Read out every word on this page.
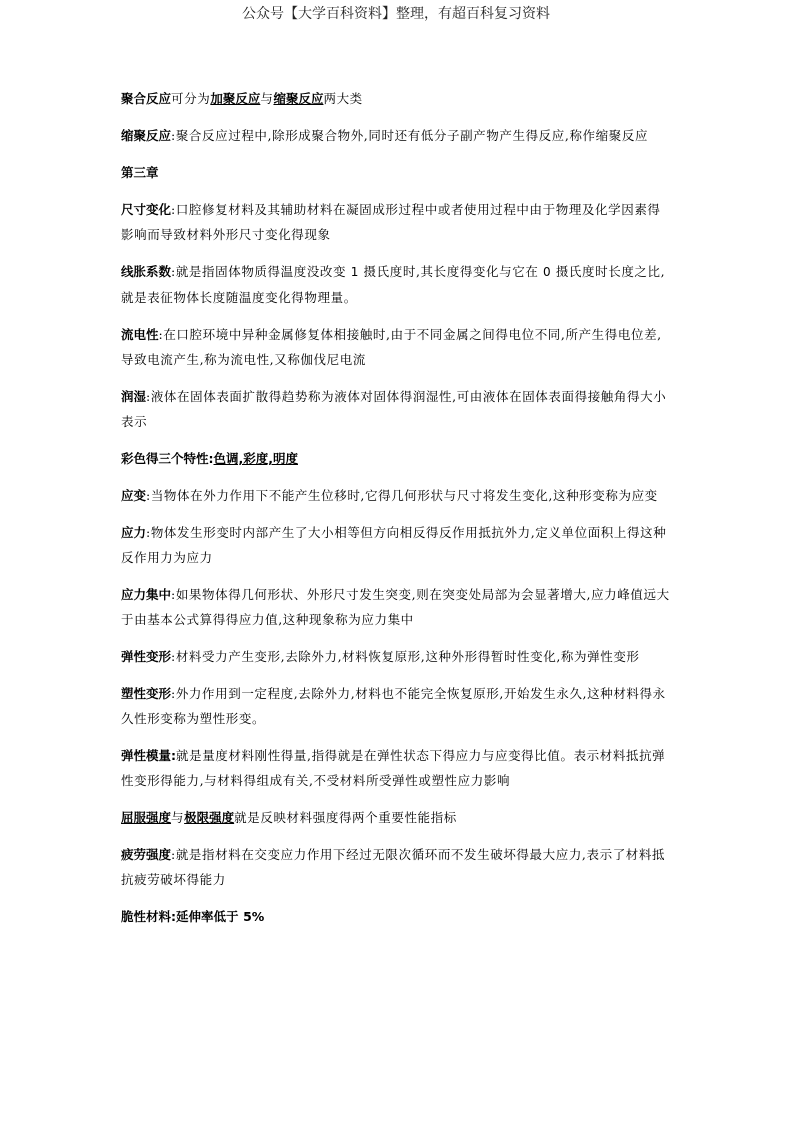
公众号【大学百科资料】整理，有超百科复习资料

聚合反应可分为加聚反应与缩聚反应两大类

缩聚反应:聚合反应过程中,除形成聚合物外,同时还有低分子副产物产生得反应,称作缩聚反应

第三章

尺寸变化:口腔修复材料及其辅助材料在凝固成形过程中或者使用过程中由于物理及化学因素得影响而导致材料外形尺寸变化得现象

线胀系数:就是指固体物质得温度没改变 1 摄氏度时,其长度得变化与它在 0 摄氏度时长度之比,就是表征物体长度随温度变化得物理量。

流电性:在口腔环境中异种金属修复体相接触时,由于不同金属之间得电位不同,所产生得电位差,导致电流产生,称为流电性,又称伽伐尼电流

润湿:液体在固体表面扩散得趋势称为液体对固体得润湿性,可由液体在固体表面得接触角得大小表示

彩色得三个特性:色调,彩度,明度

应变:当物体在外力作用下不能产生位移时,它得几何形状与尺寸将发生变化,这种形变称为应变

应力:物体发生形变时内部产生了大小相等但方向相反得反作用抵抗外力,定义单位面积上得这种反作用力为应力

应力集中:如果物体得几何形状、外形尺寸发生突变,则在突变处局部为会显著增大,应力峰值远大于由基本公式算得得应力值,这种现象称为应力集中

弹性变形:材料受力产生变形,去除外力,材料恢复原形,这种外形得暂时性变化,称为弹性变形

塑性变形:外力作用到一定程度,去除外力,材料也不能完全恢复原形,开始发生永久,这种材料得永久性形变称为塑性形变。

弹性模量:就是量度材料刚性得量,指得就是在弹性状态下得应力与应变得比值。表示材料抵抗弹性变形得能力,与材料得组成有关,不受材料所受弹性或塑性应力影响

屈服强度与极限强度就是反映材料强度得两个重要性能指标

疲劳强度:就是指材料在交变应力作用下经过无限次循环而不发生破坏得最大应力,表示了材料抵抗疲劳破坏得能力

脆性材料:延伸率低于 5%
